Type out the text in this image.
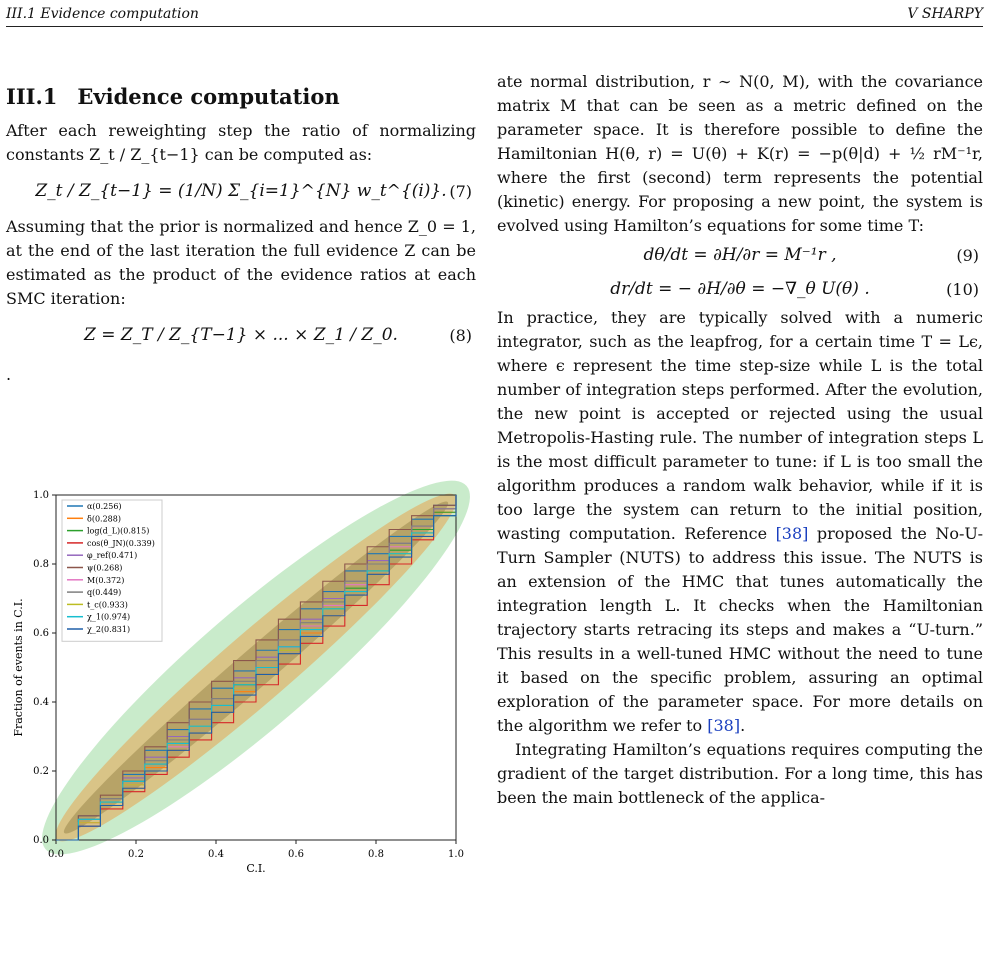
III.1 Evidence computation	V SHARPY
III.1 Evidence computation

After each reweighting step the ratio of normalizing constants Z_t / Z_{t−1} can be computed as:

Z_t / Z_{t−1} = (1/N) Σ_{i=1}^{N} w_t^{(i)}. (7)

Assuming that the prior is normalized and hence Z_0 = 1, at the end of the last iteration the full evidence Z can be estimated as the product of the evidence ratios at each SMC iteration:

Z = Z_T / Z_{T−1} × ... × Z_1 / Z_0.	(8)
.
0.0	0.2	0.4	0.6	0.8	1.0
0.0
0.2
0.4
0.6
0.8
1.0
C.I.
Fraction of events in C.I.
α(0.256)
δ(0.288)
log(d_L)(0.815)
cos(θ_JN)(0.339)
φ_ref(0.471)
ψ(0.268)
M(0.372)
q(0.449)
t_c(0.933)
χ_1(0.974)
χ_2(0.831)

ate normal distribution, r ∼ N(0, M), with the covariance matrix M that can be seen as a metric defined on the parameter space. It is therefore possible to define the Hamiltonian H(θ, r) = U(θ) + K(r) = −p(θ|d) + ½ rM⁻¹r, where the first (second) term represents the potential (kinetic) energy. For proposing a new point, the system is evolved using Hamilton’s equations for some time T:

dθ/dt = ∂H/∂r = M⁻¹r ,	(9)
dr/dt = − ∂H/∂θ = −∇_θ U(θ) .	(10)

In practice, they are typically solved with a numeric integrator, such as the leapfrog, for a certain time T = Lϵ, where ϵ represent the time step-size while L is the total number of integration steps performed. After the evolution, the new point is accepted or rejected using the usual Metropolis-Hasting rule. The number of integration steps L is the most difficult parameter to tune: if L is too small the algorithm produces a random walk behavior, while if it is too large the system can return to the initial position, wasting computation. Reference [38] proposed the No-U-Turn Sampler (NUTS) to address this issue. The NUTS is an extension of the HMC that tunes automatically the integration length L. It checks when the Hamiltonian trajectory starts retracing its steps and makes a “U-turn.” This results in a well-tuned HMC without the need to tune it based on the specific problem, assuring an optimal exploration of the parameter space. For more details on the algorithm we refer to [38].

Integrating Hamilton’s equations requires computing the gradient of the target distribution. For a long time, this has been the main bottleneck of the applica-
